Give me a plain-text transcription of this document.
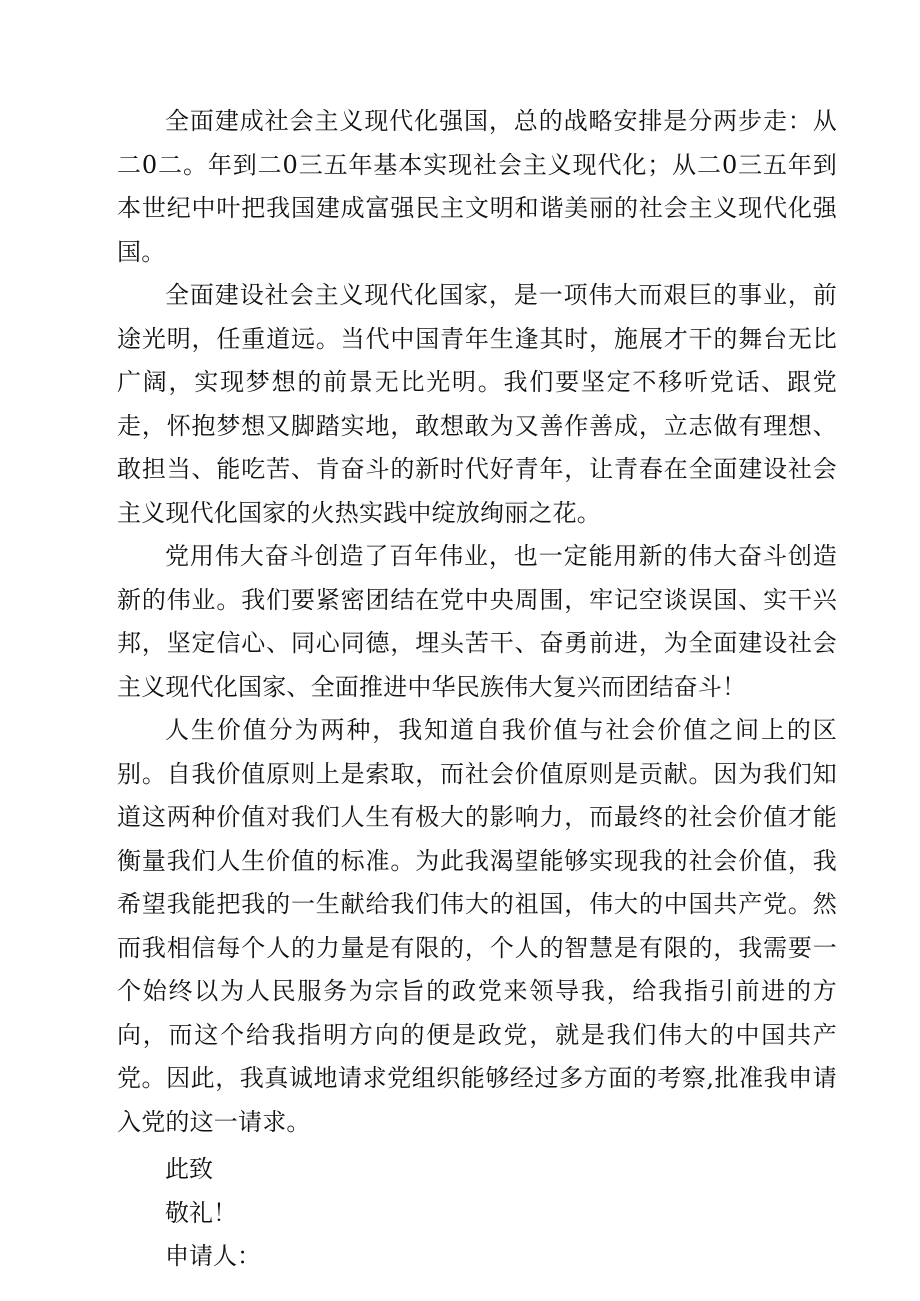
全面建成社会主义现代化强国，总的战略安排是分两步走：从二0二。年到二0三五年基本实现社会主义现代化；从二0三五年到本世纪中叶把我国建成富强民主文明和谐美丽的社会主义现代化强国。

全面建设社会主义现代化国家，是一项伟大而艰巨的事业，前途光明，任重道远。当代中国青年生逢其时，施展才干的舞台无比广阔，实现梦想的前景无比光明。我们要坚定不移听党话、跟党走，怀抱梦想又脚踏实地，敢想敢为又善作善成，立志做有理想、敢担当、能吃苦、肯奋斗的新时代好青年，让青春在全面建设社会主义现代化国家的火热实践中绽放绚丽之花。

党用伟大奋斗创造了百年伟业，也一定能用新的伟大奋斗创造新的伟业。我们要紧密团结在党中央周围，牢记空谈误国、实干兴邦，坚定信心、同心同德，埋头苦干、奋勇前进，为全面建设社会主义现代化国家、全面推进中华民族伟大复兴而团结奋斗！

人生价值分为两种，我知道自我价值与社会价值之间上的区别。自我价值原则上是索取，而社会价值原则是贡献。因为我们知道这两种价值对我们人生有极大的影响力，而最终的社会价值才能衡量我们人生价值的标准。为此我渴望能够实现我的社会价值，我希望我能把我的一生献给我们伟大的祖国，伟大的中国共产党。然而我相信每个人的力量是有限的，个人的智慧是有限的，我需要一个始终以为人民服务为宗旨的政党来领导我，给我指引前进的方向，而这个给我指明方向的便是政党，就是我们伟大的中国共产党。因此，我真诚地请求党组织能够经过多方面的考察,批准我申请入党的这一请求。

此致

敬礼！

申请人：
